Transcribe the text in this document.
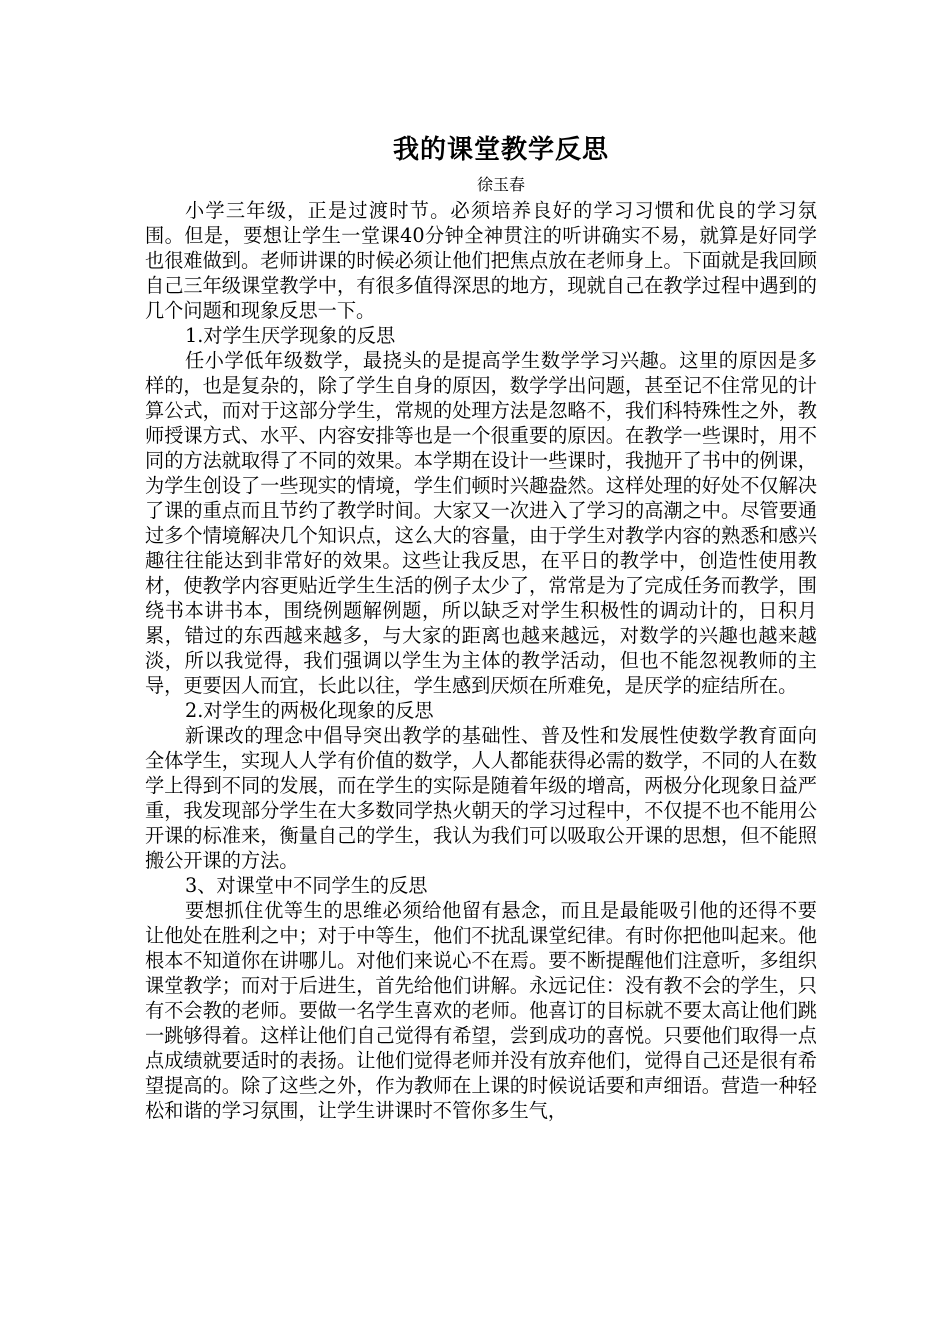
我的课堂教学反思
徐玉春

小学三年级，正是过渡时节。必须培养良好的学习习惯和优良的学习氛围。但是，要想让学生一堂课40分钟全神贯注的听讲确实不易，就算是好同学也很难做到。老师讲课的时候必须让他们把焦点放在老师身上。下面就是我回顾自己三年级课堂教学中，有很多值得深思的地方，现就自己在教学过程中遇到的几个问题和现象反思一下。

1.对学生厌学现象的反思

任小学低年级数学，最挠头的是提高学生数学学习兴趣。这里的原因是多样的，也是复杂的，除了学生自身的原因，数学学出问题，甚至记不住常见的计算公式，而对于这部分学生，常规的处理方法是忽略不，我们科特殊性之外，教师授课方式、水平、内容安排等也是一个很重要的原因。在教学一些课时，用不同的方法就取得了不同的效果。本学期在设计一些课时，我抛开了书中的例课，为学生创设了一些现实的情境，学生们顿时兴趣盎然。这样处理的好处不仅解决了课的重点而且节约了教学时间。大家又一次进入了学习的高潮之中。尽管要通过多个情境解决几个知识点，这么大的容量，由于学生对教学内容的熟悉和感兴趣往往能达到非常好的效果。这些让我反思，在平日的教学中，创造性使用教材，使教学内容更贴近学生生活的例子太少了，常常是为了完成任务而教学，围绕书本讲书本，围绕例题解例题，所以缺乏对学生积极性的调动计的，日积月累，错过的东西越来越多，与大家的距离也越来越远，对数学的兴趣也越来越淡，所以我觉得，我们强调以学生为主体的教学活动，但也不能忽视教师的主导，更要因人而宜，长此以往，学生感到厌烦在所难免，是厌学的症结所在。

2.对学生的两极化现象的反思

新课改的理念中倡导突出教学的基础性、普及性和发展性使数学教育面向全体学生，实现人人学有价值的数学，人人都能获得必需的数学，不同的人在数学上得到不同的发展，而在学生的实际是随着年级的增高，两极分化现象日益严重，我发现部分学生在大多数同学热火朝天的学习过程中，不仅提不也不能用公开课的标准来，衡量自己的学生，我认为我们可以吸取公开课的思想，但不能照搬公开课的方法。

3、对课堂中不同学生的反思

要想抓住优等生的思维必须给他留有悬念，而且是最能吸引他的还得不要让他处在胜利之中；对于中等生，他们不扰乱课堂纪律。有时你把他叫起来。他根本不知道你在讲哪儿。对他们来说心不在焉。要不断提醒他们注意听，多组织课堂教学；而对于后进生，首先给他们讲解。永远记住：没有教不会的学生，只有不会教的老师。要做一名学生喜欢的老师。他喜订的目标就不要太高让他们跳一跳够得着。这样让他们自己觉得有希望，尝到成功的喜悦。只要他们取得一点点成绩就要适时的表扬。让他们觉得老师并没有放弃他们，觉得自己还是很有希望提高的。除了这些之外，作为教师在上课的时候说话要和声细语。营造一种轻松和谐的学习氛围，让学生讲课时不管你多生气，
